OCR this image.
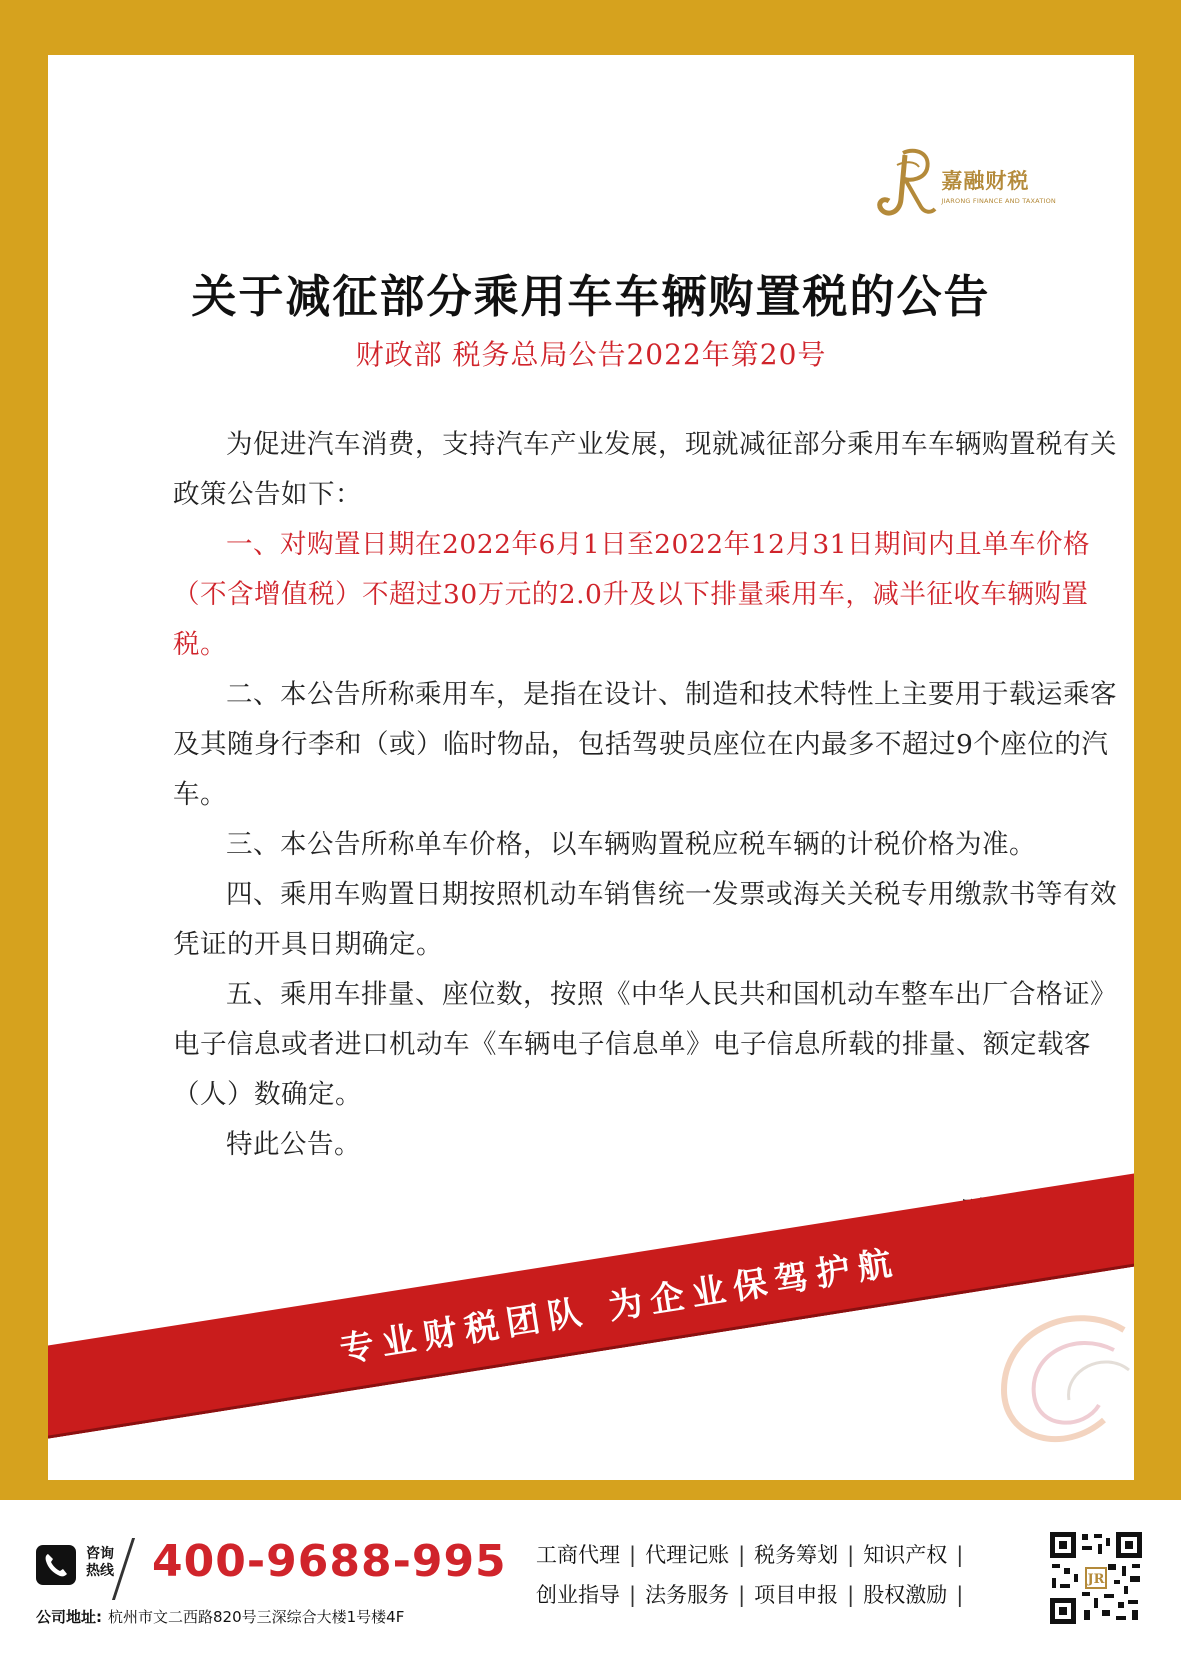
嘉融财税
JIARONG FINANCE AND TAXATION
关于减征部分乘用车车辆购置税的公告
财政部 税务总局公告2022年第20号

为促进汽车消费，支持汽车产业发展，现就减征部分乘用车车辆购置税有关政策公告如下：

一、对购置日期在2022年6月1日至2022年12月31日期间内且单车价格（不含增值税）不超过30万元的2.0升及以下排量乘用车，减半征收车辆购置税。

二、本公告所称乘用车，是指在设计、制造和技术特性上主要用于载运乘客及其随身行李和（或）临时物品，包括驾驶员座位在内最多不超过9个座位的汽车。

三、本公告所称单车价格，以车辆购置税应税车辆的计税价格为准。

四、乘用车购置日期按照机动车销售统一发票或海关关税专用缴款书等有效凭证的开具日期确定。

五、乘用车排量、座位数，按照《中华人民共和国机动车整车出厂合格证》电子信息或者进口机动车《车辆电子信息单》电子信息所载的排量、额定载客（人）数确定。

特此公告。

专业财税团队 为企业保驾护航
咨询热线 400-9688-995
公司地址: 杭州市文二西路820号三深综合大楼1号楼4F
工商代理 | 代理记账 | 税务筹划 | 知识产权 |
创业指导 | 法务服务 | 项目申报 | 股权激励 |
JR
